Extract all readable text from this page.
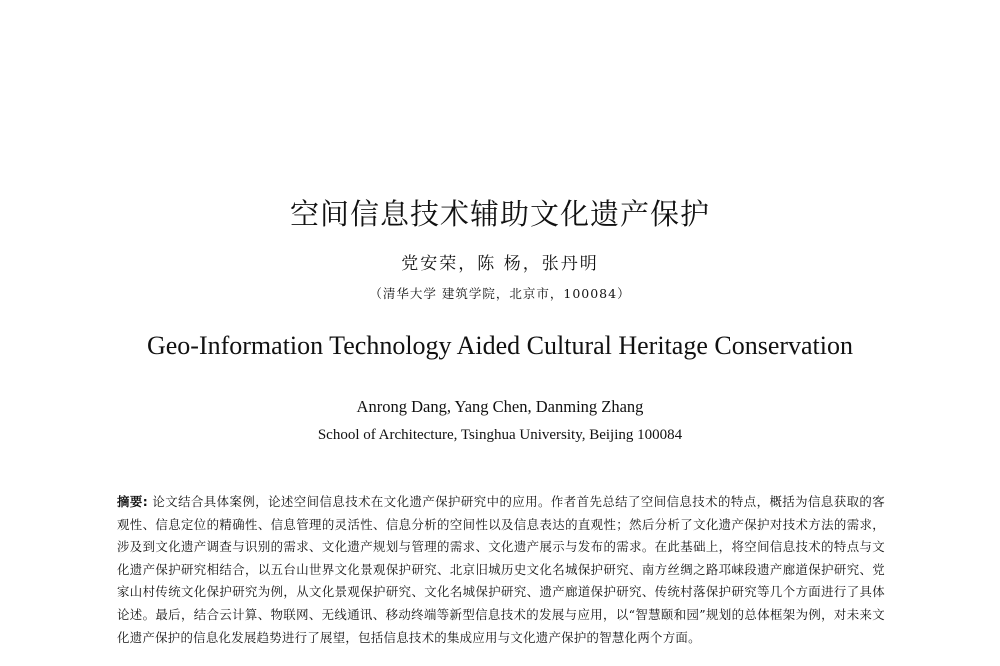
空间信息技术辅助文化遗产保护
党安荣，陈 杨，张丹明
（清华大学 建筑学院，北京市，100084）
Geo-Information Technology Aided Cultural Heritage Conservation
Anrong Dang, Yang Chen, Danming Zhang
School of Architecture, Tsinghua University, Beijing 100084
摘要: 论文结合具体案例，论述空间信息技术在文化遗产保护研究中的应用。作者首先总结了空间信息技术的特点，概括为信息获取的客观性、信息定位的精确性、信息管理的灵活性、信息分析的空间性以及信息表达的直观性；然后分析了文化遗产保护对技术方法的需求，涉及到文化遗产调查与识别的需求、文化遗产规划与管理的需求、文化遗产展示与发布的需求。在此基础上，将空间信息技术的特点与文化遗产保护研究相结合，以五台山世界文化景观保护研究、北京旧城历史文化名城保护研究、南方丝绸之路邛崃段遗产廊道保护研究、党家山村传统文化保护研究为例，从文化景观保护研究、文化名城保护研究、遗产廊道保护研究、传统村落保护研究等几个方面进行了具体论述。最后，结合云计算、物联网、无线通讯、移动终端等新型信息技术的发展与应用，以“智慧颐和园”规划的总体框架为例，对未来文化遗产保护的信息化发展趋势进行了展望，包括信息技术的集成应用与文化遗产保护的智慧化两个方面。
